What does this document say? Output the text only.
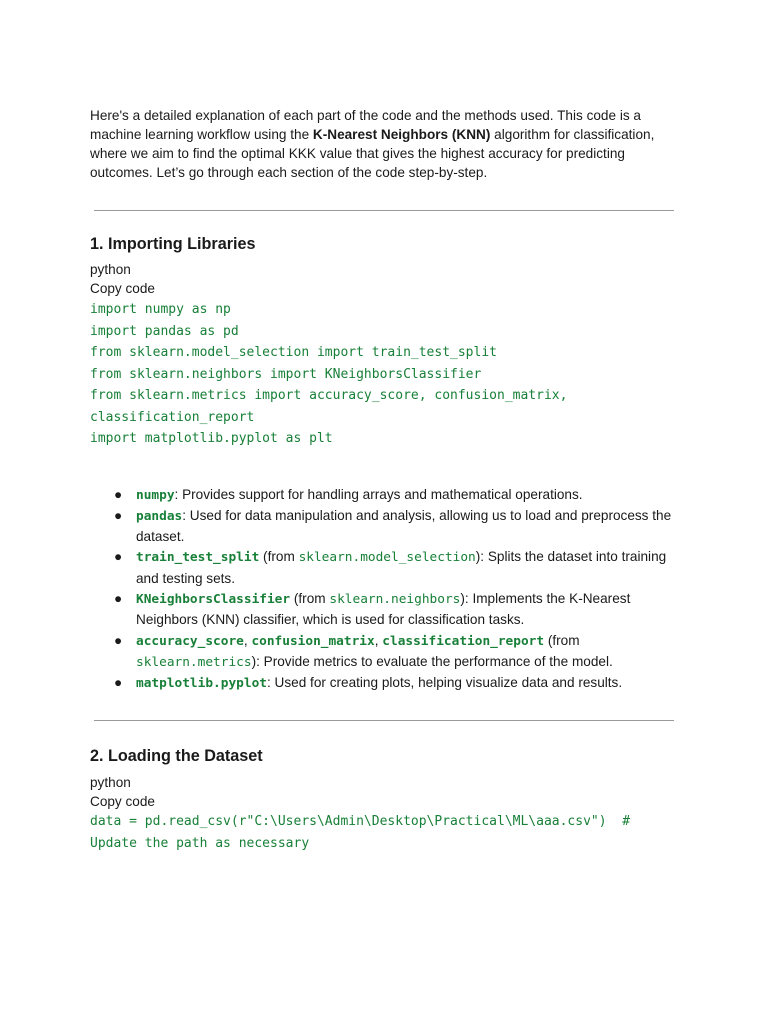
Here's a detailed explanation of each part of the code and the methods used. This code is a machine learning workflow using the K-Nearest Neighbors (KNN) algorithm for classification, where we aim to find the optimal KKK value that gives the highest accuracy for predicting outcomes. Let’s go through each section of the code step-by-step.

1. Importing Libraries

python

Copy code

import numpy as np
import pandas as pd
from sklearn.model_selection import train_test_split
from sklearn.neighbors import KNeighborsClassifier
from sklearn.metrics import accuracy_score, confusion_matrix,
classification_report
import matplotlib.pyplot as plt
● numpy: Provides support for handling arrays and mathematical operations.
● pandas: Used for data manipulation and analysis, allowing us to load and preprocess the dataset.
● train_test_split (from sklearn.model_selection): Splits the dataset into training and testing sets.
● KNeighborsClassifier (from sklearn.neighbors): Implements the K-Nearest Neighbors (KNN) classifier, which is used for classification tasks.
● accuracy_score, confusion_matrix, classification_report (from
sklearn.metrics): Provide metrics to evaluate the performance of the model.
● matplotlib.pyplot: Used for creating plots, helping visualize data and results.
2. Loading the Dataset

python

Copy code

data = pd.read_csv(r"C:\Users\Admin\Desktop\Practical\ML\aaa.csv")  #
Update the path as necessary
